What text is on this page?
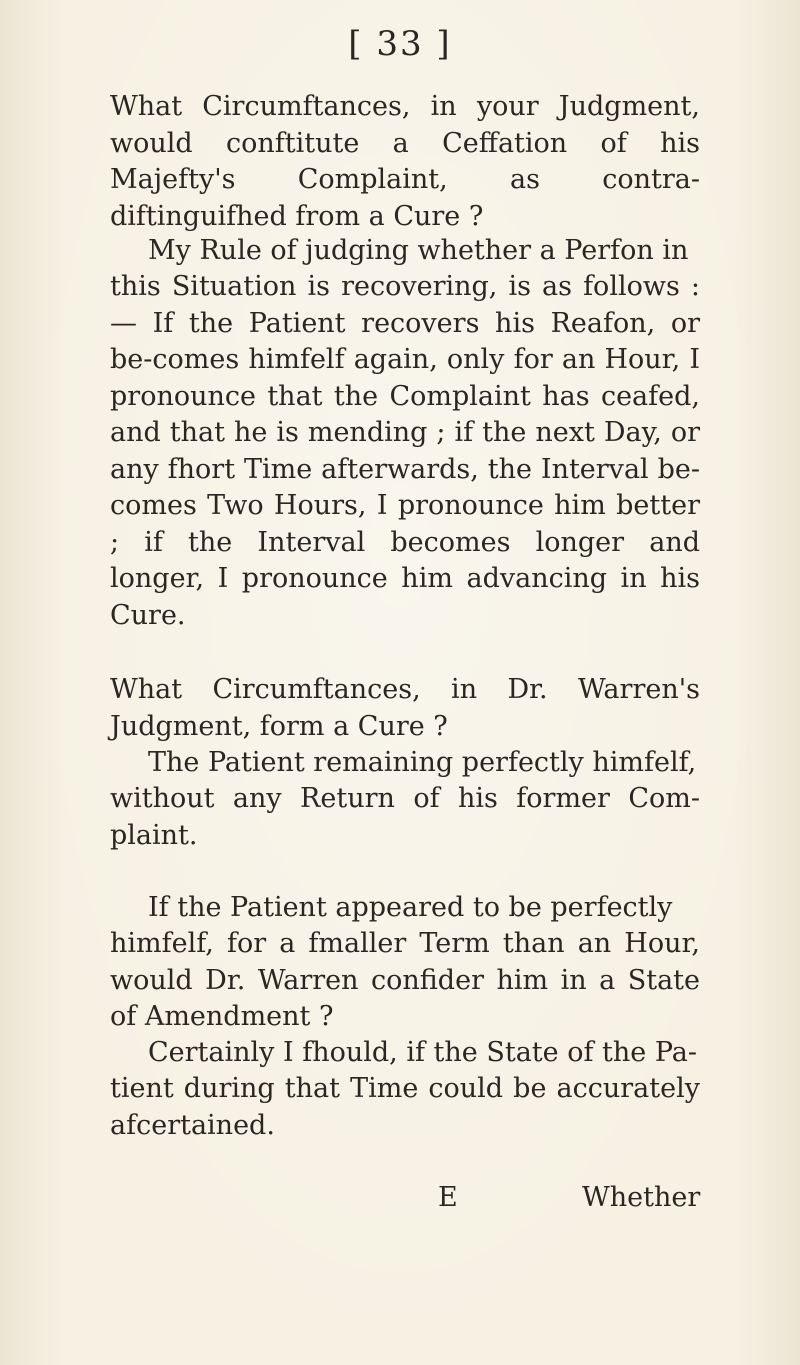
[ 33 ]

What Circumftances, in your Judgment, would conftitute a Ceffation of his Majefty's Complaint, as contra-diftinguifhed from a Cure ?

My Rule of judging whether a Perfon in

this Situation is recovering, is as follows :— If the Patient recovers his Reafon, or be-comes himfelf again, only for an Hour, I pronounce that the Complaint has ceafed, and that he is mending ; if the next Day, or any fhort Time afterwards, the Interval be-comes Two Hours, I pronounce him better ; if the Interval becomes longer and longer, I pronounce him advancing in his Cure.

What Circumftances, in Dr. Warren's Judgment, form a Cure ?

The Patient remaining perfectly himfelf,

without any Return of his former Com-plaint.

If the Patient appeared to be perfectly

himfelf, for a fmaller Term than an Hour, would Dr. Warren confider him in a State of Amendment ?

Certainly I fhould, if the State of the Pa-

tient during that Time could be accurately afcertained.

E	Whether
